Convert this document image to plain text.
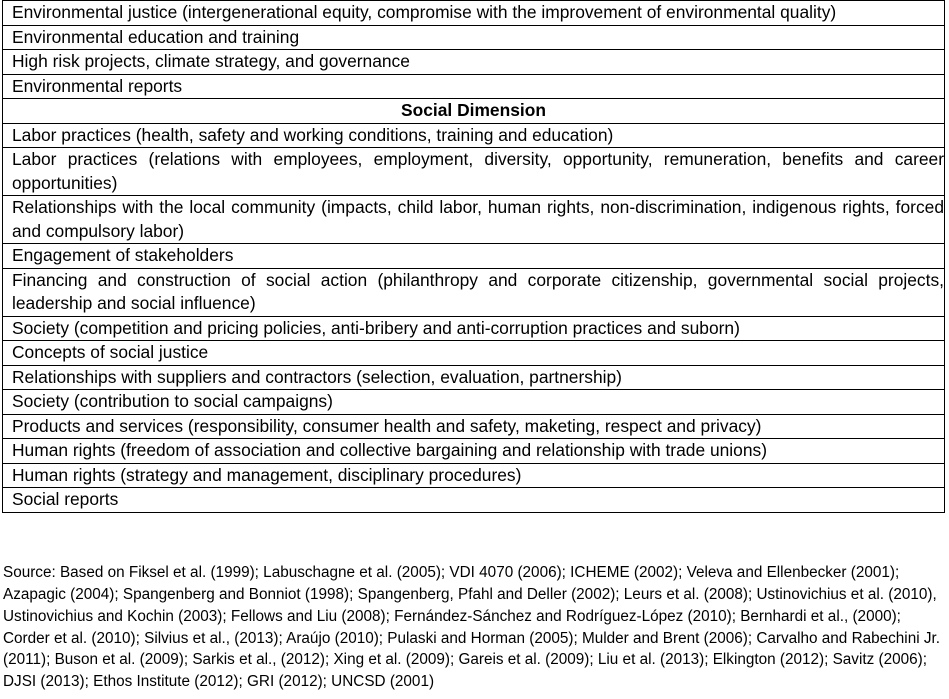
Environmental justice (intergenerational equity, compromise with the improvement of environmental quality)
Environmental education and training
High risk projects, climate strategy, and governance
Environmental reports
Social Dimension
Labor practices (health, safety and working conditions, training and education)
Labor practices (relations with employees, employment, diversity, opportunity, remuneration, benefits and career opportunities)
Relationships with the local community (impacts, child labor, human rights, non-discrimination, indigenous rights, forced and compulsory labor)
Engagement of stakeholders
Financing and construction of social action (philanthropy and corporate citizenship, governmental social projects, leadership and social influence)
Society (competition and pricing policies, anti-bribery and anti-corruption practices and suborn)
Concepts of social justice
Relationships with suppliers and contractors (selection, evaluation, partnership)
Society (contribution to social campaigns)
Products and services (responsibility, consumer health and safety, maketing, respect and privacy)
Human rights (freedom of association and collective bargaining and relationship with trade unions)
Human rights (strategy and management, disciplinary procedures)
Social reports

Source: Based on Fiksel et al. (1999); Labuschagne et al. (2005); VDI 4070 (2006); ICHEME (2002); Veleva and Ellenbecker (2001); Azapagic (2004); Spangenberg and Bonniot (1998); Spangenberg, Pfahl and Deller (2002); Leurs et al. (2008); Ustinovichius et al. (2010), Ustinovichius and Kochin (2003); Fellows and Liu (2008); Fernández-Sánchez and Rodríguez-López (2010); Bernhardi et al., (2000); Corder et al. (2010); Silvius et al., (2013); Araújo (2010); Pulaski and Horman (2005); Mulder and Brent (2006); Carvalho and Rabechini Jr. (2011); Buson et al. (2009); Sarkis et al., (2012); Xing et al. (2009); Gareis et al. (2009); Liu et al. (2013); Elkington (2012); Savitz (2006); DJSI (2013); Ethos Institute (2012); GRI (2012); UNCSD (2001)
